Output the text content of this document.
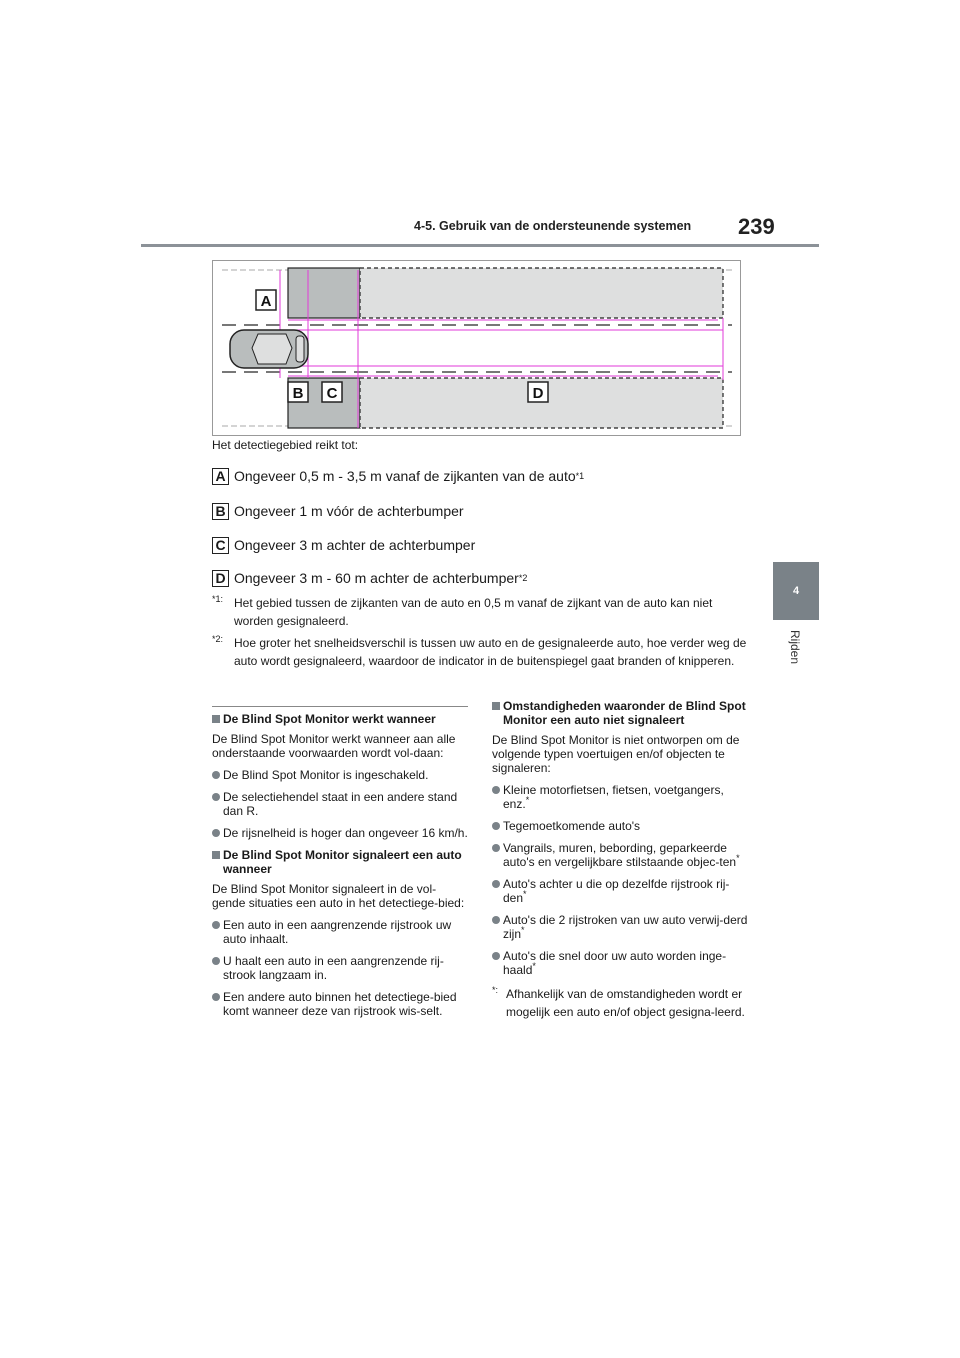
4-5. Gebruik van de ondersteunende systemen 239
4
Rijden
A
B C	D
Het detectiegebied reikt tot:
A Ongeveer 0,5 m - 3,5 m vanaf de zijkanten van de auto *1
B Ongeveer 1 m vóór de achterbumper
C Ongeveer 3 m achter de achterbumper
D Ongeveer 3 m - 60 m achter de achterbumper *2
$^{*1:}$ Het gebied tussen de zijkanten van de auto en 0,5 m vanaf de zijkant van de auto kan niet worden gesignaleerd.
$^{*2:}$ Hoe groter het snelheidsverschil is tussen uw auto en de gesignaleerde auto, hoe verder weg de auto wordt gesignaleerd, waardoor de indicator in de buitenspiegel gaat branden of knipperen.
De Blind Spot Monitor werkt wanneer

De Blind Spot Monitor werkt wanneer aan alle onderstaande voorwaarden wordt vol-daan:

De Blind Spot Monitor is ingeschakeld.
De selectiehendel staat in een andere stand dan R.
De rijsnelheid is hoger dan ongeveer 16 km/h.
De Blind Spot Monitor signaleert een auto wanneer

De Blind Spot Monitor signaleert in de vol-gende situaties een auto in het detectiege-bied:

Een auto in een aangrenzende rijstrook uw auto inhaalt.
U haalt een auto in een aangrenzende rij-strook langzaam in.
Een andere auto binnen het detectiege-bied komt wanneer deze van rijstrook wis-selt.
Omstandigheden waaronder de Blind Spot Monitor een auto niet signaleert

De Blind Spot Monitor is niet ontworpen om de volgende typen voertuigen en/of objecten te signaleren:

Kleine motorfietsen, fietsen, voetgangers, enz.*
Tegemoetkomende auto's
Vangrails, muren, bebording, geparkeerde auto's en vergelijkbare stilstaande objec-ten*
Auto's achter u die op dezelfde rijstrook rij-den*
Auto's die 2 rijstroken van uw auto verwij-derd zijn*
Auto's die snel door uw auto worden inge-haald*
*: Afhankelijk van de omstandigheden wordt er mogelijk een auto en/of object gesigna-leerd.
